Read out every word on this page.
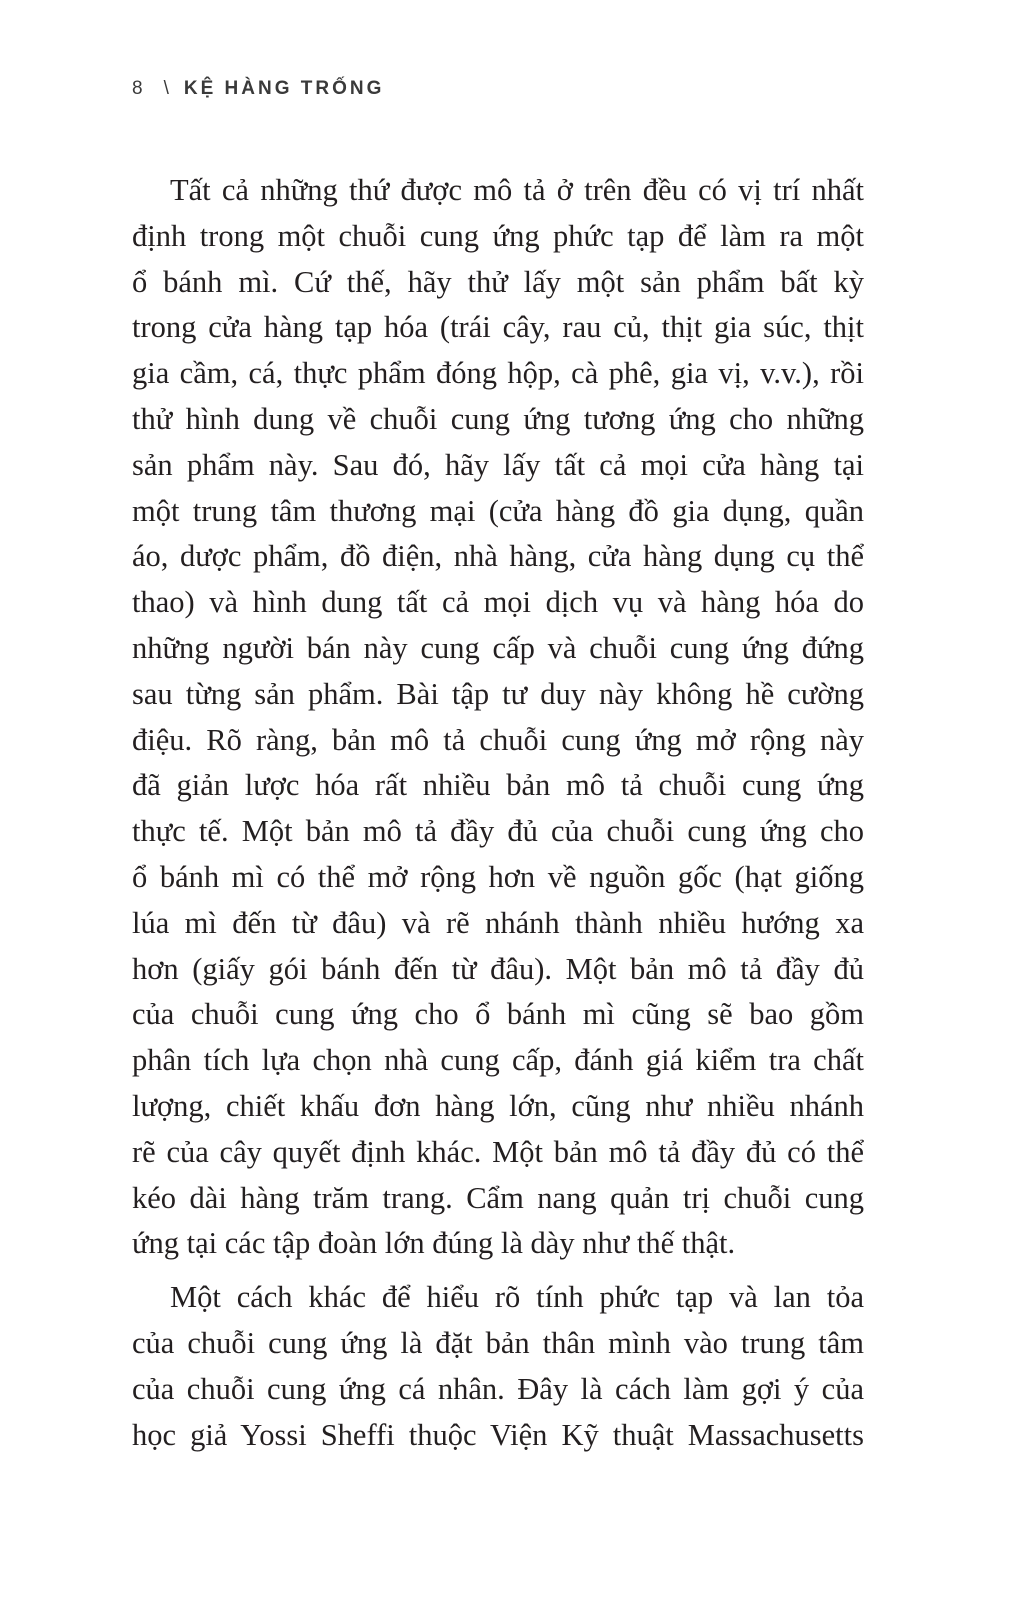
8 \ KỆ HÀNG TRỐNG
Tất cả những thứ được mô tả ở trên đều có vị trí nhất
định trong một chuỗi cung ứng phức tạp để làm ra một
ổ bánh mì. Cứ thế, hãy thử lấy một sản phẩm bất kỳ
trong cửa hàng tạp hóa (trái cây, rau củ, thịt gia súc, thịt
gia cầm, cá, thực phẩm đóng hộp, cà phê, gia vị, v.v.), rồi
thử hình dung về chuỗi cung ứng tương ứng cho những
sản phẩm này. Sau đó, hãy lấy tất cả mọi cửa hàng tại
một trung tâm thương mại (cửa hàng đồ gia dụng, quần
áo, dược phẩm, đồ điện, nhà hàng, cửa hàng dụng cụ thể
thao) và hình dung tất cả mọi dịch vụ và hàng hóa do
những người bán này cung cấp và chuỗi cung ứng đứng
sau từng sản phẩm. Bài tập tư duy này không hề cường
điệu. Rõ ràng, bản mô tả chuỗi cung ứng mở rộng này
đã giản lược hóa rất nhiều bản mô tả chuỗi cung ứng
thực tế. Một bản mô tả đầy đủ của chuỗi cung ứng cho
ổ bánh mì có thể mở rộng hơn về nguồn gốc (hạt giống
lúa mì đến từ đâu) và rẽ nhánh thành nhiều hướng xa
hơn (giấy gói bánh đến từ đâu). Một bản mô tả đầy đủ
của chuỗi cung ứng cho ổ bánh mì cũng sẽ bao gồm
phân tích lựa chọn nhà cung cấp, đánh giá kiểm tra chất
lượng, chiết khấu đơn hàng lớn, cũng như nhiều nhánh
rẽ của cây quyết định khác. Một bản mô tả đầy đủ có thể
kéo dài hàng trăm trang. Cẩm nang quản trị chuỗi cung
ứng tại các tập đoàn lớn đúng là dày như thế thật.
Một cách khác để hiểu rõ tính phức tạp và lan tỏa
của chuỗi cung ứng là đặt bản thân mình vào trung tâm
của chuỗi cung ứng cá nhân. Đây là cách làm gợi ý của
học giả Yossi Sheffi thuộc Viện Kỹ thuật Massachusetts
